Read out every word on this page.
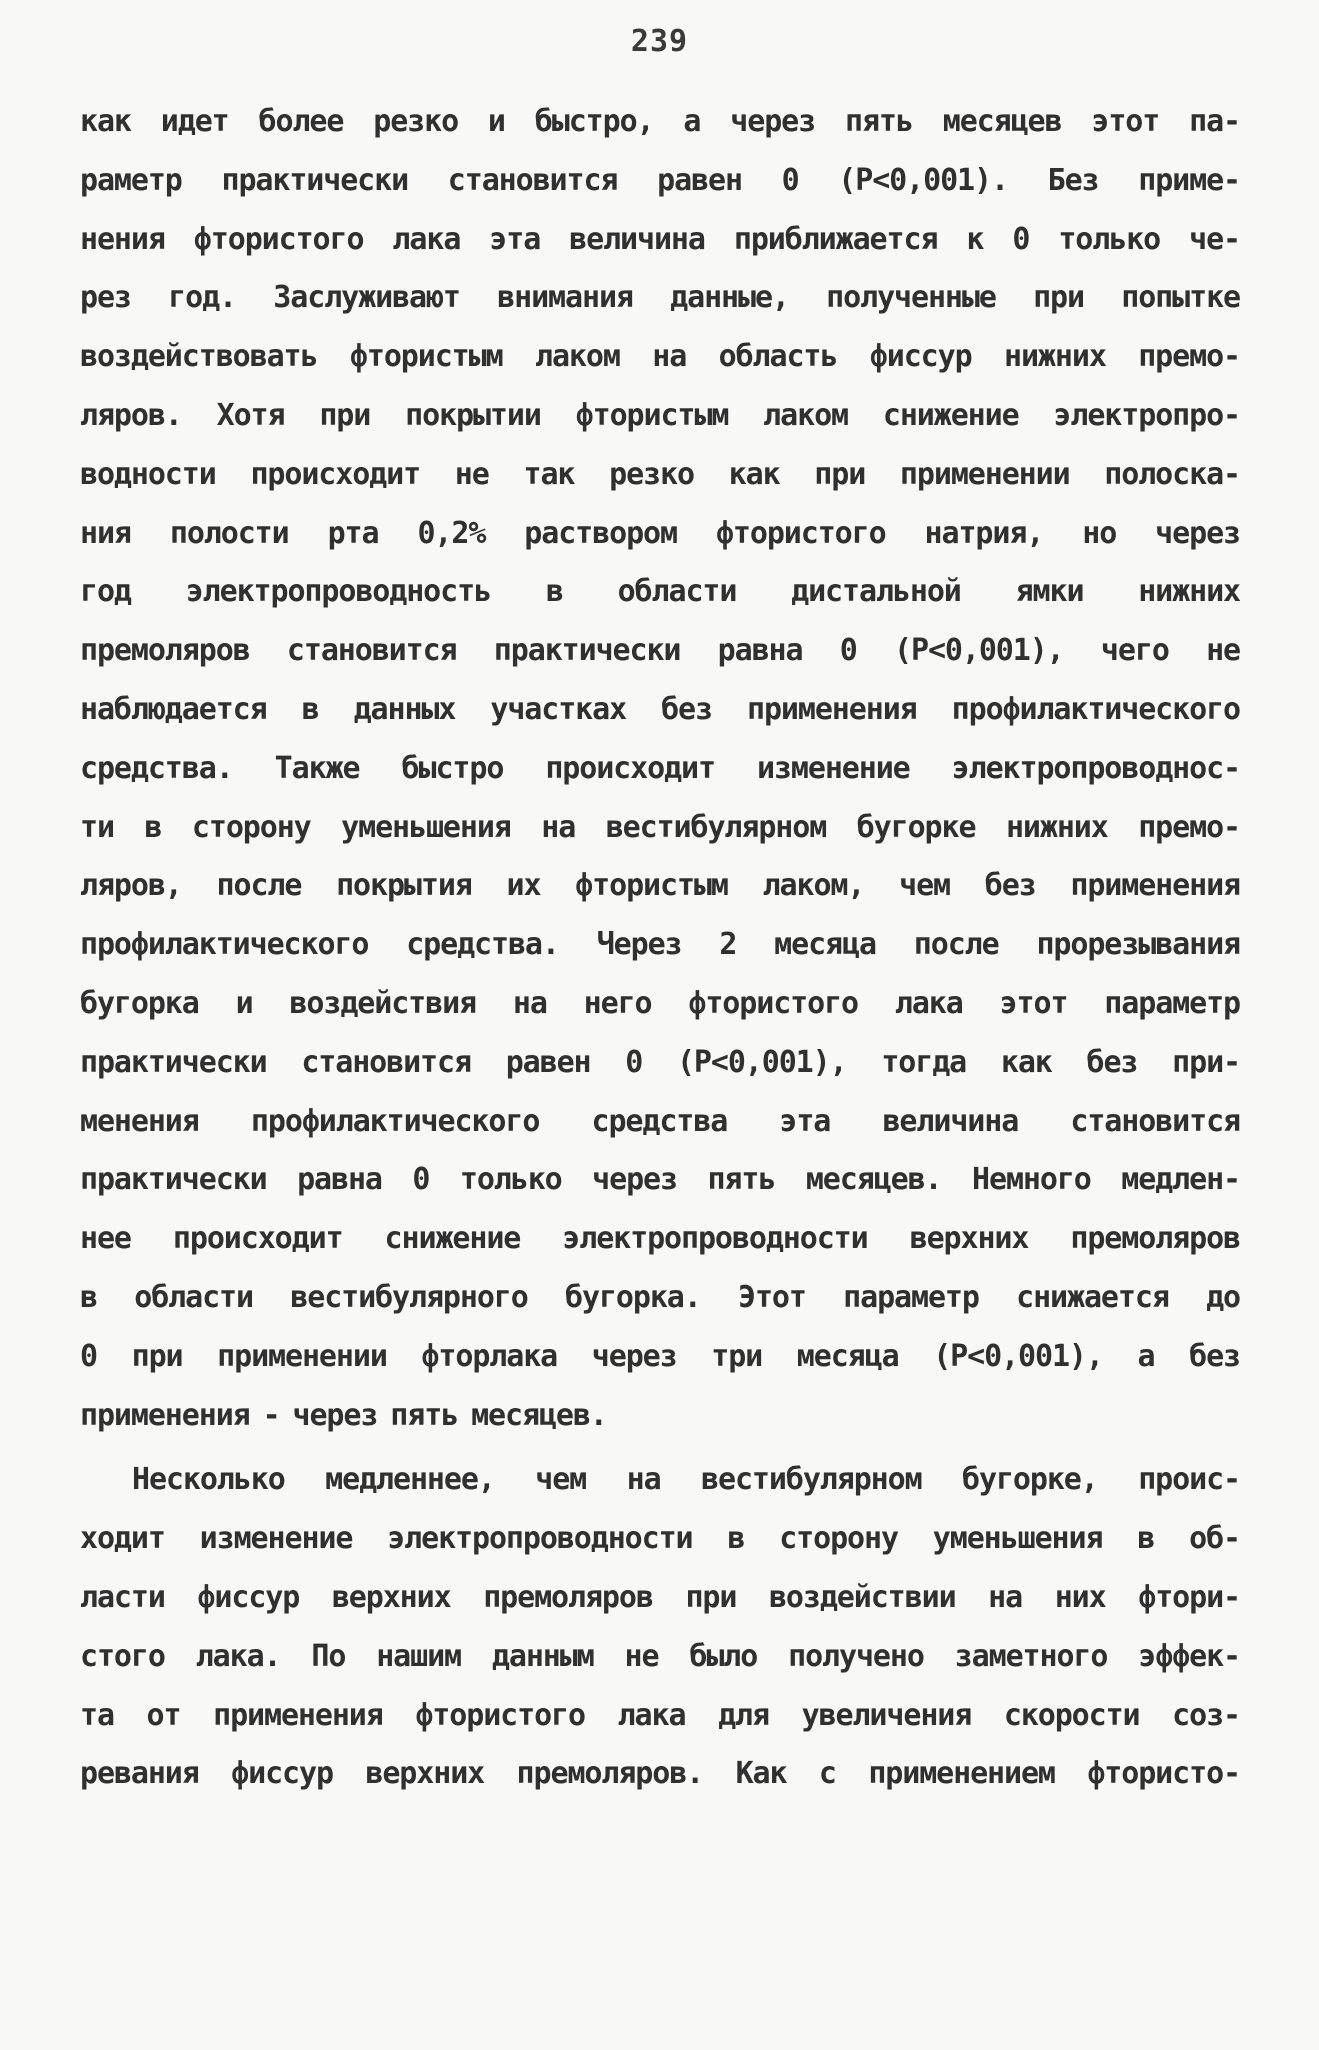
239
как идет более резко и быстро, а через пять месяцев этот па-
раметр практически становится равен 0 (P<0,001). Без приме-
нения фтористого лака эта величина приближается к 0 только че-
рез год. Заслуживают внимания данные, полученные при попытке
воздействовать фтористым лаком на область фиссур нижних премо-
ляров. Хотя при покрытии фтористым лаком снижение электропро-
водности происходит не так резко как при применении полоска-
ния полости рта 0,2% раствором фтористого натрия, но через
год электропроводность в области дистальной ямки нижних
премоляров становится практически равна 0 (P<0,001), чего не
наблюдается в данных участках без применения профилактического
средства. Также быстро происходит изменение электропроводнос-
ти в сторону уменьшения на вестибулярном бугорке нижних премо-
ляров, после покрытия их фтористым лаком, чем без применения
профилактического средства. Через 2 месяца после прорезывания
бугорка и воздействия на него фтористого лака этот параметр
практически становится равен 0 (P<0,001), тогда как без при-
менения профилактического средства эта величина становится
практически равна 0 только через пять месяцев. Немного медлен-
нее происходит снижение электропроводности верхних премоляров
в области вестибулярного бугорка. Этот параметр снижается до
0 при применении фторлака через три месяца (P<0,001), а без
применения - через пять месяцев.
Несколько медленнее, чем на вестибулярном бугорке, проис-
ходит изменение электропроводности в сторону уменьшения в об-
ласти фиссур верхних премоляров при воздействии на них фтори-
стого лака. По нашим данным не было получено заметного эффек-
та от применения фтористого лака для увеличения скорости соз-
ревания фиссур верхних премоляров. Как с применением фтористо-
